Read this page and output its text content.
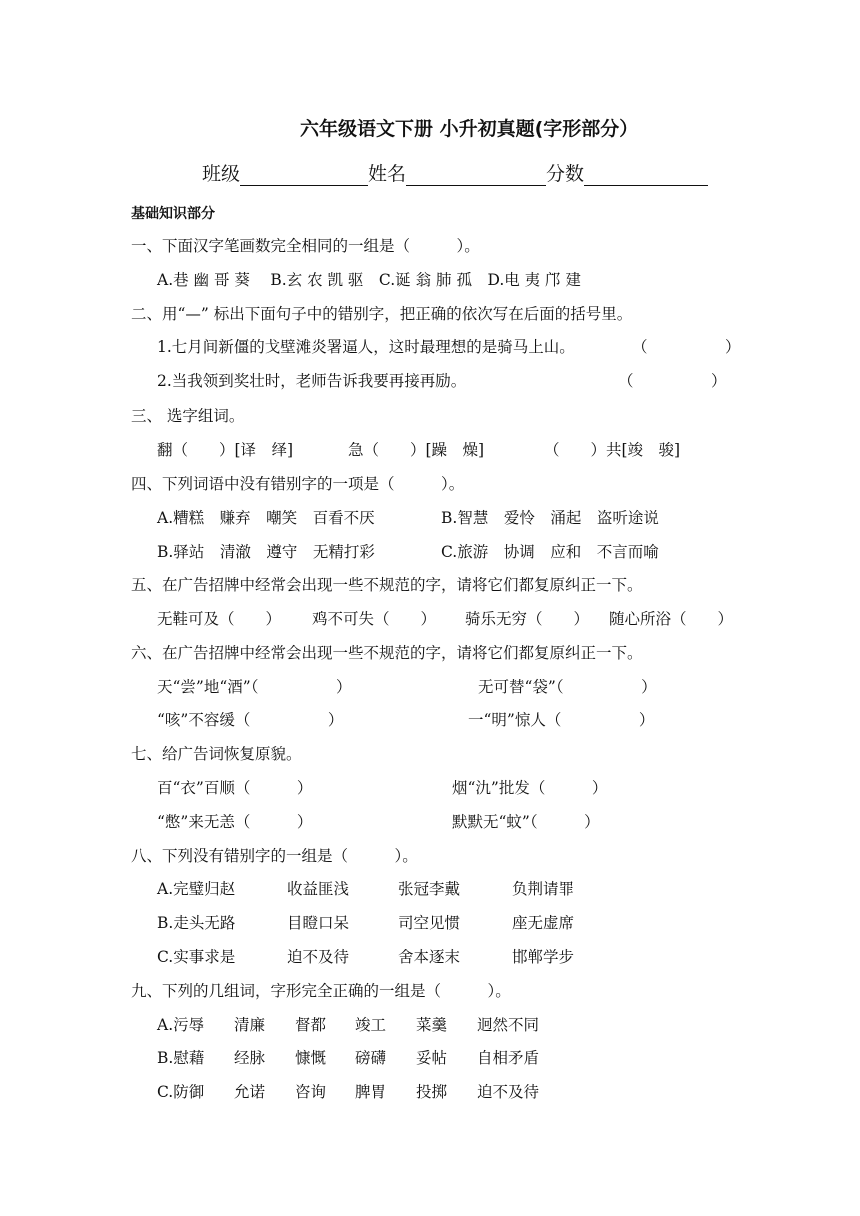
六年级语文下册 小升初真题(字形部分）
班级	姓名	分数
基础知识部分
一、下面汉字笔画数完全相同的一组是（　　　）。
A.巷 幽 哥 葵　 B.玄 农 凯 驱　C.诞 翁 肺 孤　D.电 夷 邝 建
二、用“—” 标出下面句子中的错别字，把正确的依次写在后面的括号里。
1.七月间新僵的戈壁滩炎署逼人，这时最理想的是骑马上山。	（　　　　　）
2.当我领到奖壮时，老师告诉我要再接再励。	（　　　　　）
三、 选字组词。
翻（　　）[译　绎]	急（　　）[躁　燥]	（　　）共[竣　骏]
四、下列词语中没有错别字的一项是（　　　）。
A.糟糕　赚弃　嘲笑　百看不厌	B.智慧　爱怜　涌起　盗听途说
B.驿站　清澈　遵守　无精打彩	C.旅游　协调　应和　不言而喻
五、在广告招牌中经常会出现一些不规范的字，请将它们都复原纠正一下。
无鞋可及（　　） 鸡不可失（　　） 骑乐无穷（　　） 随心所浴（　　）
六、在广告招牌中经常会出现一些不规范的字，请将它们都复原纠正一下。
天“尝”地“酒”（　　　　　）	无可替“袋”（　　　　　）
“咳”不容缓（　　　　　）	一“明”惊人（　　　　　）
七、给广告词恢复原貌。
百“衣”百顺（　　　）	烟“氿”批发（　　　）
“憋”来无恙（　　　）	默默无“蚊”（　　　）
八、下列没有错别字的一组是（　　　）。
A.完璧归赵	收益匪浅	张冠李戴	负荆请罪
B.走头无路	目瞪口呆	司空见惯	座无虚席
C.实事求是	迫不及待	舍本逐末	邯郸学步
九、下列的几组词，字形完全正确的一组是（　　　）。
A.污辱 清廉 督都 竣工 菜羹 迥然不同
B.慰藉 经脉 慷慨 磅礴 妥帖 自相矛盾
C.防御 允诺 咨询 脾胃 投掷 迫不及待
